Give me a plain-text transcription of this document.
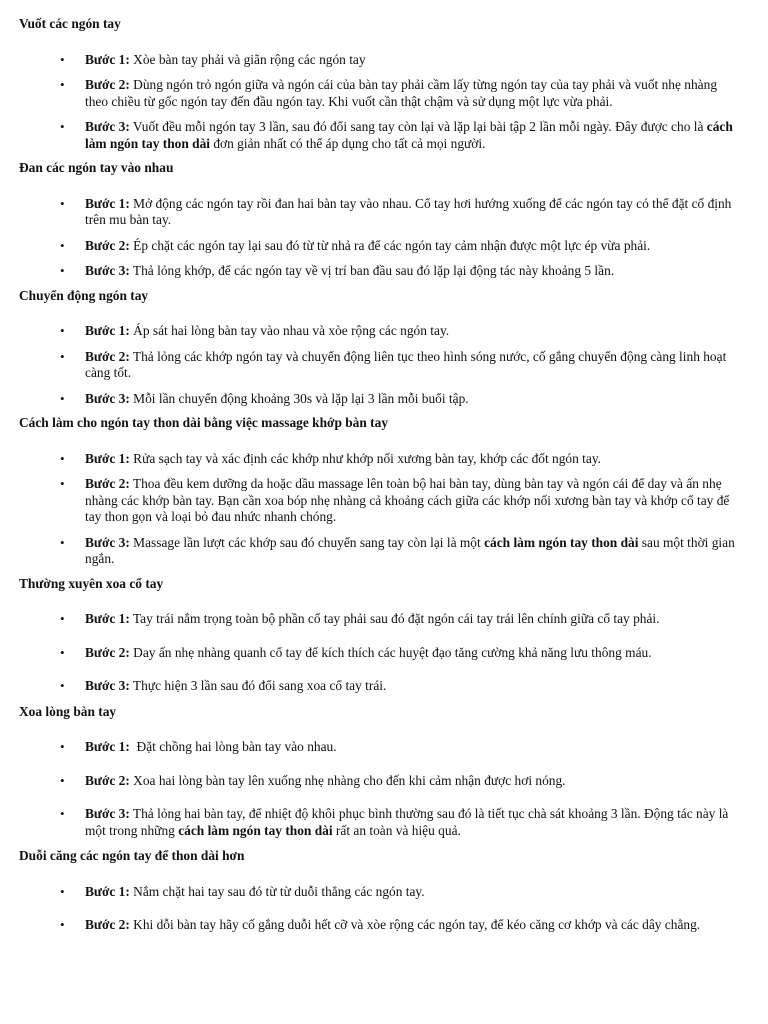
Vuốt các ngón tay

• Bước 1: Xòe bàn tay phải và giãn rộng các ngón tay
• Bước 2: Dùng ngón trỏ ngón giữa và ngón cái của bàn tay phải cầm lấy từng ngón tay của tay phải và vuốt nhẹ nhàng theo chiều từ gốc ngón tay đến đầu ngón tay. Khi vuốt cần thật chậm và sử dụng một lực vừa phải.
• Bước 3: Vuốt đều mỗi ngón tay 3 lần, sau đó đổi sang tay còn lại và lặp lại bài tập 2 lần mỗi ngày. Đây được cho là cách làm ngón tay thon dài đơn giản nhất có thể áp dụng cho tất cả mọi người.

Đan các ngón tay vào nhau

• Bước 1: Mở động các ngón tay rồi đan hai bàn tay vào nhau. Cổ tay hơi hướng xuống để các ngón tay có thể đặt cố định trên mu bàn tay.
• Bước 2: Ép chặt các ngón tay lại sau đó từ từ nhả ra để các ngón tay cảm nhận được một lực ép vừa phải.
• Bước 3: Thả lỏng khớp, để các ngón tay về vị trí ban đầu sau đó lặp lại động tác này khoảng 5 lần.

Chuyển động ngón tay

• Bước 1: Áp sát hai lòng bàn tay vào nhau và xòe rộng các ngón tay.
• Bước 2: Thả lỏng các khớp ngón tay và chuyển động liên tục theo hình sóng nước, cố gắng chuyển động càng linh hoạt càng tốt.
• Bước 3: Mỗi lần chuyển động khoảng 30s và lặp lại 3 lần mỗi buổi tập.

Cách làm cho ngón tay thon dài bằng việc massage khớp bàn tay

• Bước 1: Rửa sạch tay và xác định các khớp như khớp nối xương bàn tay, khớp các đốt ngón tay.
• Bước 2: Thoa đều kem dưỡng da hoặc dầu massage lên toàn bộ hai bàn tay, dùng bàn tay và ngón cái để day và ấn nhẹ nhàng các khớp bàn tay. Bạn cần xoa bóp nhẹ nhàng cả khoảng cách giữa các khớp nối xương bàn tay và khớp cổ tay để tay thon gọn và loại bỏ đau nhức nhanh chóng.
• Bước 3: Massage lần lượt các khớp sau đó chuyển sang tay còn lại là một cách làm ngón tay thon dài sau một thời gian ngắn.

Thường xuyên xoa cổ tay

• Bước 1: Tay trái nắm trọng toàn bộ phần cổ tay phải sau đó đặt ngón cái tay trái lên chính giữa cổ tay phải.
• Bước 2: Day ấn nhẹ nhàng quanh cổ tay để kích thích các huyệt đạo tăng cường khả năng lưu thông máu.
• Bước 3: Thực hiện 3 lần sau đó đổi sang xoa cổ tay trái.

Xoa lòng bàn tay

• Bước 1:  Đặt chồng hai lòng bàn tay vào nhau.
• Bước 2: Xoa hai lòng bàn tay lên xuống nhẹ nhàng cho đến khi cảm nhận được hơi nóng.
• Bước 3: Thả lỏng hai bàn tay, để nhiệt độ khôi phục bình thường sau đó là tiết tục chà sát khoảng 3 lần. Động tác này là một trong những cách làm ngón tay thon dài rất an toàn và hiệu quả.

Duỗi căng các ngón tay để thon dài hơn

• Bước 1: Nắm chặt hai tay sau đó từ từ duỗi thẳng các ngón tay.
• Bước 2: Khi dỗi bàn tay hãy cố gắng duỗi hết cỡ và xòe rộng các ngón tay, để kéo căng cơ khớp và các dây chằng.
